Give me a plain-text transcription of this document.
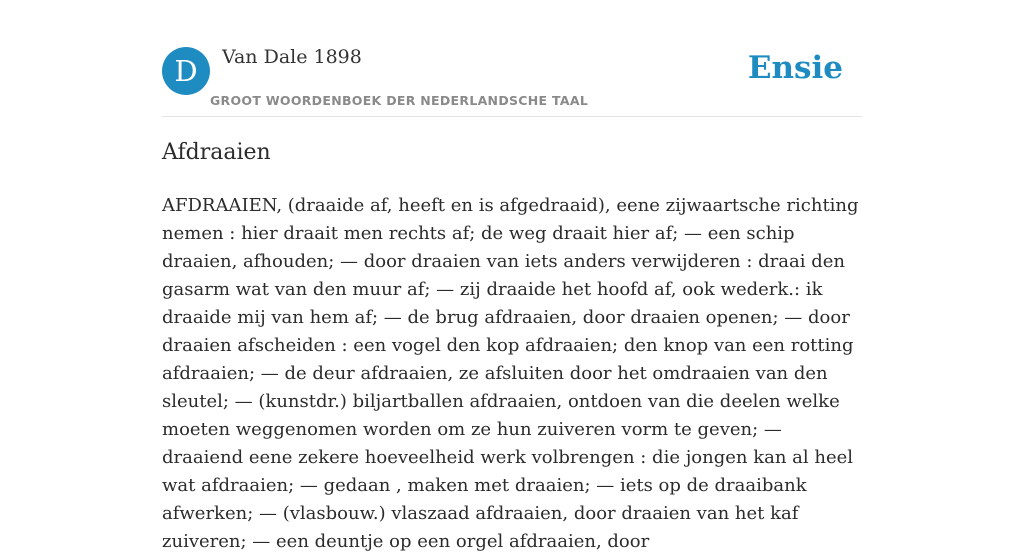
D	Van Dale 1898
GROOT WOORDENBOEK DER NEDERLANDSCHE TAAL
Ensie
Afdraaien

AFDRAAIEN, (draaide af, heeft en is afgedraaid), eene zijwaartsche richting nemen : hier draait men rechts af; de weg draait hier af; — een schip draaien, afhouden; — door draaien van iets anders verwijderen : draai den gasarm wat van den muur af; — zij draaide het hoofd af, ook wederk.: ik draaide mij van hem af; — de brug afdraaien, door draaien openen; — door draaien afscheiden : een vogel den kop afdraaien; den knop van een rotting afdraaien; — de deur afdraaien, ze afsluiten door het omdraaien van den sleutel; — (kunstdr.) biljartballen afdraaien, ontdoen van die deelen welke moeten weggenomen worden om ze hun zuiveren vorm te geven; — draaiend eene zekere hoeveelheid werk volbrengen : die jongen kan al heel wat afdraaien; — gedaan , maken met draaien; — iets op de draaibank afwerken; — (vlasbouw.) vlaszaad afdraaien, door draaien van het kaf zuiveren; — een deuntje op een orgel afdraaien, door
